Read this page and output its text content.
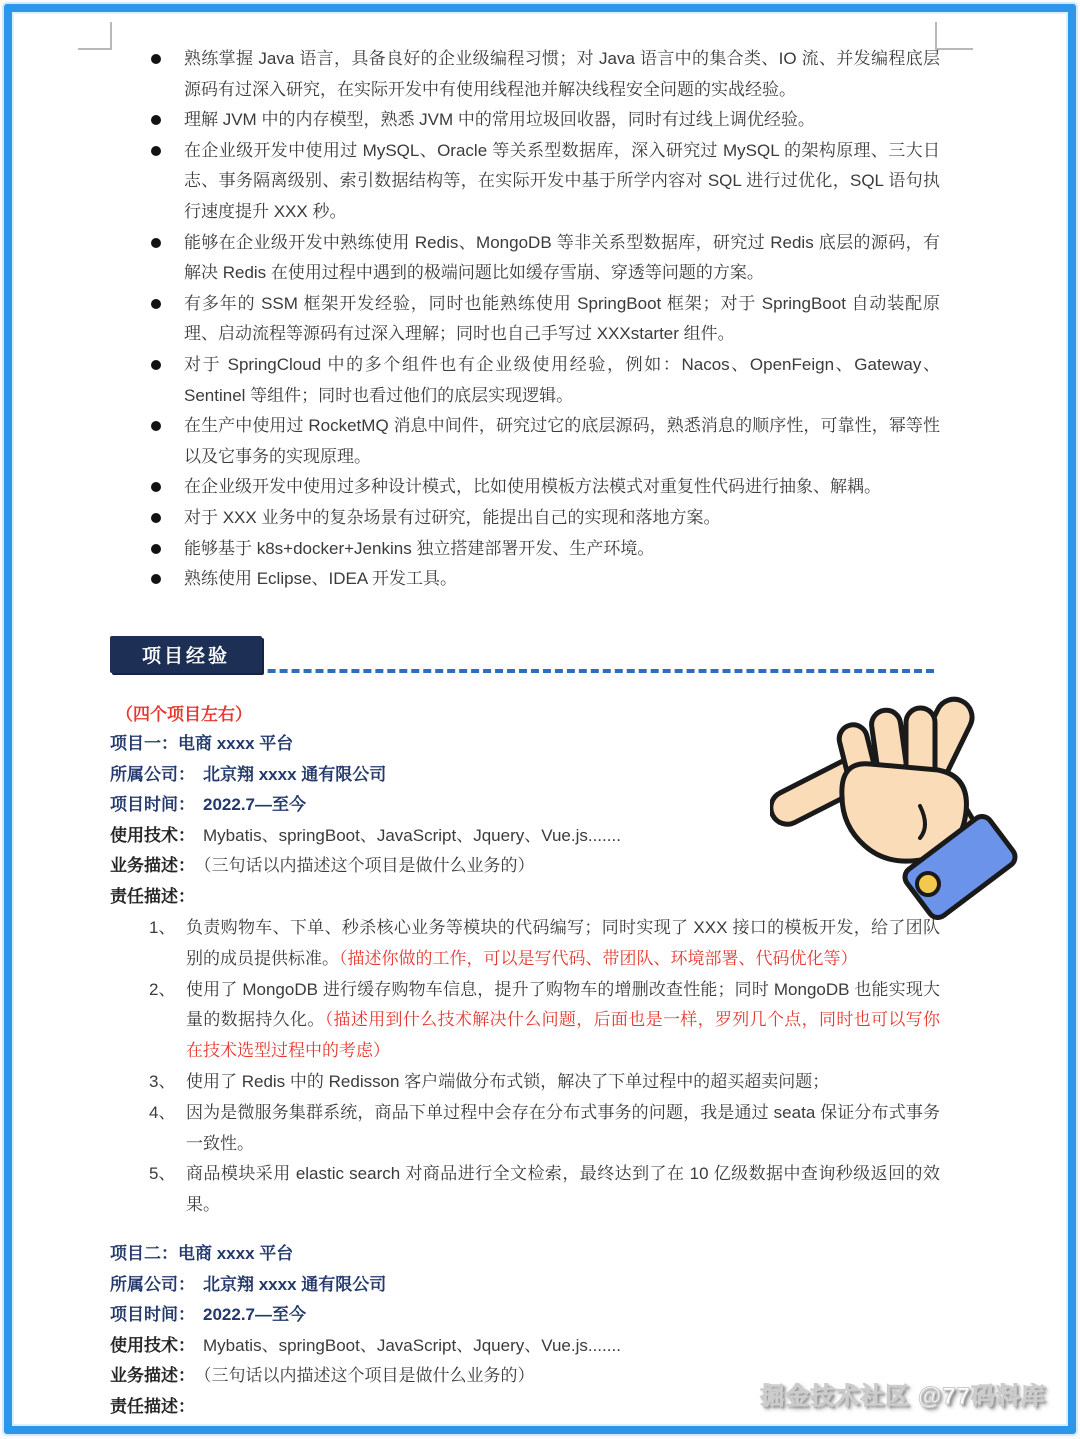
熟练掌握 Java 语言，具备良好的企业级编程习惯；对 Java 语言中的集合类、IO 流、并发编程底层源码有过深入研究，在实际开发中有使用线程池并解决线程安全问题的实战经验。
理解 JVM 中的内存模型，熟悉 JVM 中的常用垃圾回收器，同时有过线上调优经验。
在企业级开发中使用过 MySQL、Oracle 等关系型数据库，深入研究过 MySQL 的架构原理、三大日志、事务隔离级别、索引数据结构等，在实际开发中基于所学内容对 SQL 进行过优化，SQL 语句执行速度提升 XXX 秒。
能够在企业级开发中熟练使用 Redis、MongoDB 等非关系型数据库，研究过 Redis 底层的源码，有解决 Redis 在使用过程中遇到的极端问题比如缓存雪崩、穿透等问题的方案。
有多年的 SSM 框架开发经验，同时也能熟练使用 SpringBoot 框架；对于 SpringBoot 自动装配原理、启动流程等源码有过深入理解；同时也自己手写过 XXXstarter 组件。
对于 SpringCloud 中的多个组件也有企业级使用经验，例如：Nacos、OpenFeign、Gateway、Sentinel 等组件；同时也看过他们的底层实现逻辑。
在生产中使用过 RocketMQ 消息中间件，研究过它的底层源码，熟悉消息的顺序性，可靠性，幂等性以及它事务的实现原理。
在企业级开发中使用过多种设计模式，比如使用模板方法模式对重复性代码进行抽象、解耦。
对于 XXX 业务中的复杂场景有过研究，能提出自己的实现和落地方案。
能够基于 k8s+docker+Jenkins 独立搭建部署开发、生产环境。
熟练使用 Eclipse、IDEA 开发工具。
项目经验
（四个项目左右）
项目一：电商 xxxx 平台
所属公司： 北京翔 xxxx 通有限公司
项目时间： 2022.7—至今
使用技术： Mybatis、springBoot、JavaScript、Jquery、Vue.js.......
业务描述： （三句话以内描述这个项目是做什么业务的）
责任描述：
1、 负责购物车、下单、秒杀核心业务等模块的代码编写；同时实现了 XXX 接口的模板开发，给了团队别的成员提供标准。（描述你做的工作，可以是写代码、带团队、环境部署、代码优化等）
2、 使用了 MongoDB 进行缓存购物车信息，提升了购物车的增删改查性能；同时 MongoDB 也能实现大量的数据持久化。（描述用到什么技术解决什么问题，后面也是一样，罗列几个点，同时也可以写你在技术选型过程中的考虑）
3、 使用了 Redis 中的 Redisson 客户端做分布式锁，解决了下单过程中的超买超卖问题；
4、 因为是微服务集群系统，商品下单过程中会存在分布式事务的问题，我是通过 seata 保证分布式事务一致性。
5、 商品模块采用 elastic search 对商品进行全文检索，最终达到了在 10 亿级数据中查询秒级返回的效果。
项目二：电商 xxxx 平台
所属公司： 北京翔 xxxx 通有限公司
项目时间： 2022.7—至今
使用技术： Mybatis、springBoot、JavaScript、Jquery、Vue.js.......
业务描述： （三句话以内描述这个项目是做什么业务的）
责任描述：	掘金技术社区 @77码料库
